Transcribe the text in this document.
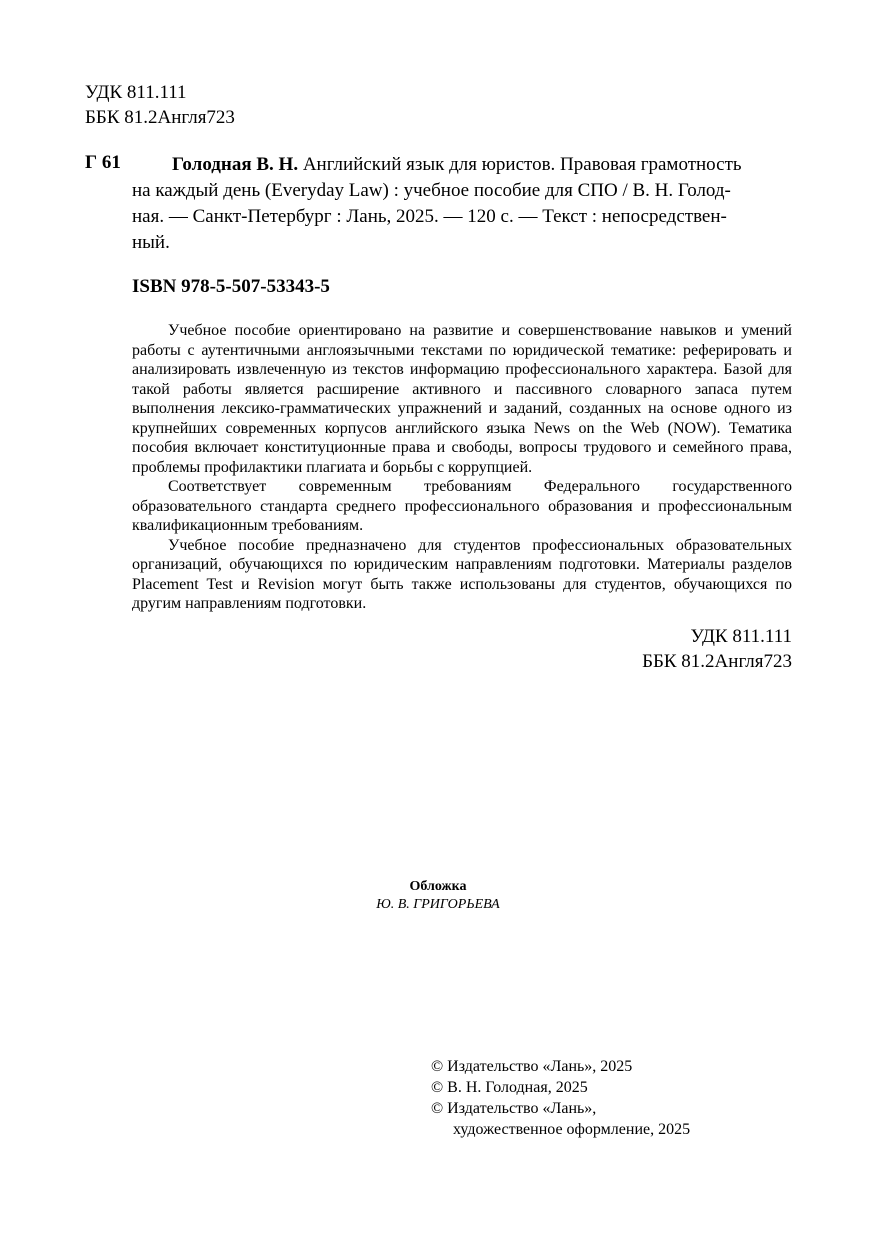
УДК 811.111
ББК 81.2Англя723
Г 61	Голодная В. Н. Английский язык для юристов. Правовая грамотность
на каждый день (Everyday Law) : учебное пособие для СПО / В. Н. Голод-
ная. — Санкт-Петербург : Лань, 2025. — 120 с. — Текст : непосредствен-
ный.
ISBN 978-5-507-53343-5

Учебное пособие ориентировано на развитие и совершенствование навыков и умений работы с аутентичными англоязычными текстами по юридической тематике: реферировать и анализировать извлеченную из текстов информацию профессионального характера. Базой для такой работы является расширение активного и пассивного словарного запаса путем выполнения лексико-грамматических упражнений и заданий, созданных на основе одного из крупнейших современных корпусов английского языка News on the Web (NOW). Тематика пособия включает конституционные права и свободы, вопросы трудового и семейного права, проблемы профилактики плагиата и борьбы с коррупцией.

Соответствует современным требованиям Федерального государственного образовательного стандарта среднего профессионального образования и профессиональным квалификационным требованиям.

Учебное пособие предназначено для студентов профессиональных образовательных организаций, обучающихся по юридическим направлениям подготовки. Материалы разделов Placement Test и Revision могут быть также использованы для студентов, обучающихся по другим направлениям подготовки.

УДК 811.111
ББК 81.2Англя723
Обложка
Ю. В. ГРИГОРЬЕВА
© Издательство «Лань», 2025
© В. Н. Голодная, 2025
© Издательство «Лань»,
художественное оформление, 2025
